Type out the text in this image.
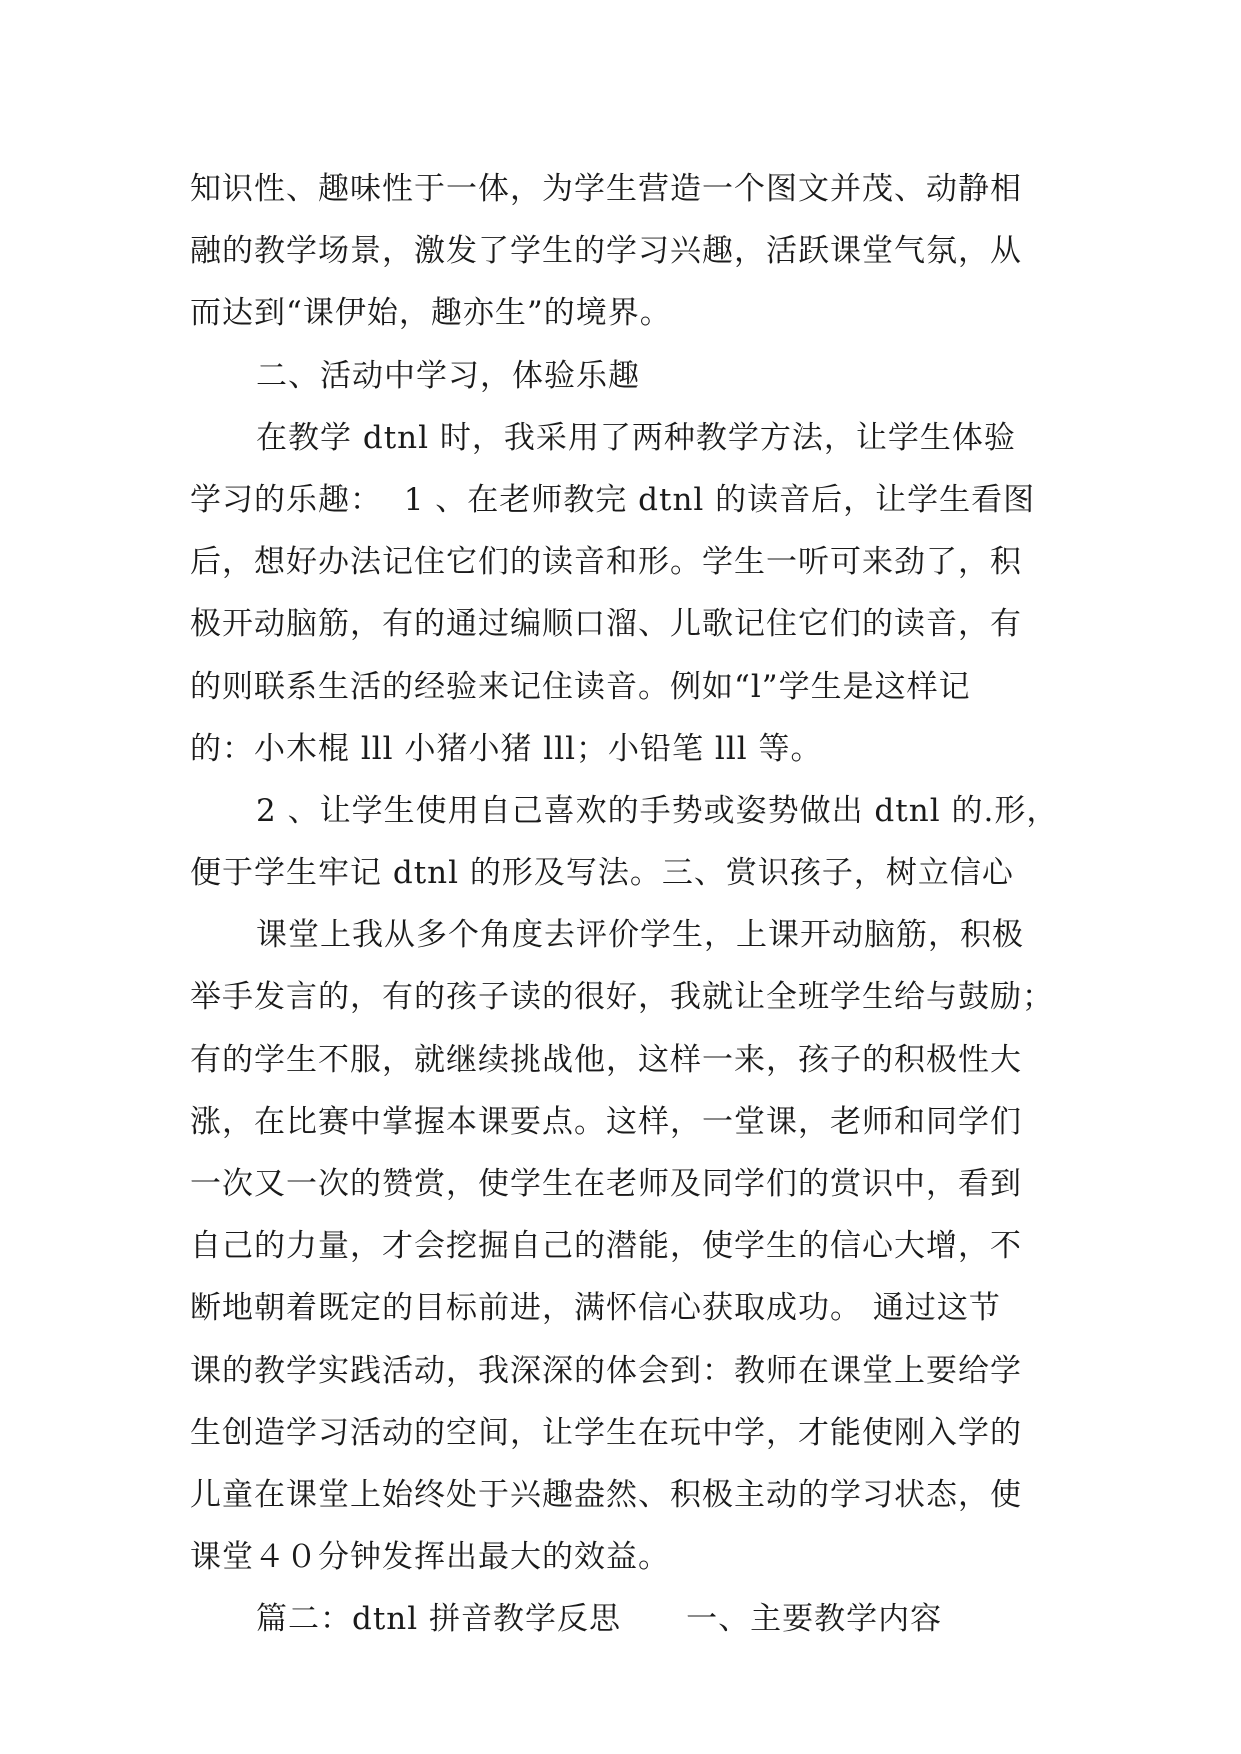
知识性、趣味性于一体，为学生营造一个图文并茂、动静相
融的教学场景，激发了学生的学习兴趣，活跃课堂气氛，从
而达到“课伊始，趣亦生”的境界。
二、活动中学习，体验乐趣
在教学 dtnl 时，我采用了两种教学方法，让学生体验
学习的乐趣：  1 、在老师教完 dtnl 的读音后，让学生看图
后，想好办法记住它们的读音和形。学生一听可来劲了，积
极开动脑筋，有的通过编顺口溜、儿歌记住它们的读音，有
的则联系生活的经验来记住读音。例如“l”学生是这样记
的：小木棍 lll 小猪小猪 lll；小铅笔 lll 等。
2 、让学生使用自己喜欢的手势或姿势做出 dtnl 的.形，
便于学生牢记 dtnl 的形及写法。三、赏识孩子，树立信心
课堂上我从多个角度去评价学生，上课开动脑筋，积极
举手发言的，有的孩子读的很好，我就让全班学生给与鼓励；
有的学生不服，就继续挑战他，这样一来，孩子的积极性大
涨，在比赛中掌握本课要点。这样，一堂课，老师和同学们
一次又一次的赞赏，使学生在老师及同学们的赏识中，看到
自己的力量，才会挖掘自己的潜能，使学生的信心大增，不
断地朝着既定的目标前进，满怀信心获取成功。 通过这节
课的教学实践活动，我深深的体会到：教师在课堂上要给学
生创造学习活动的空间，让学生在玩中学，才能使刚入学的
儿童在课堂上始终处于兴趣盎然、积极主动的学习状态，使
课堂４０分钟发挥出最大的效益。
篇二：dtnl 拼音教学反思      一、主要教学内容
